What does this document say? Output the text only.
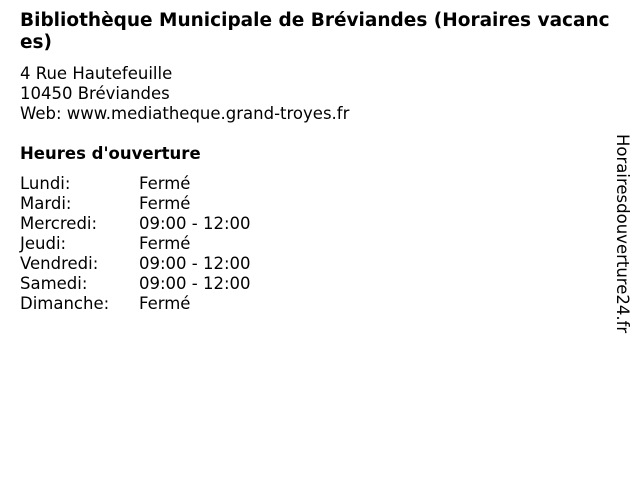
Bibliothèque Municipale de Bréviandes (Horaires vacances)
4 Rue Hautefeuille
10450 Bréviandes
Web: www.mediatheque.grand-troyes.fr
Heures d'ouverture
Lundi:	Fermé
Mardi:	Fermé
Mercredi:	09:00 - 12:00
Jeudi:	Fermé
Vendredi: 09:00 - 12:00
Samedi:	09:00 - 12:00
Dimanche: Fermé	Horairesdouverture24.fr
